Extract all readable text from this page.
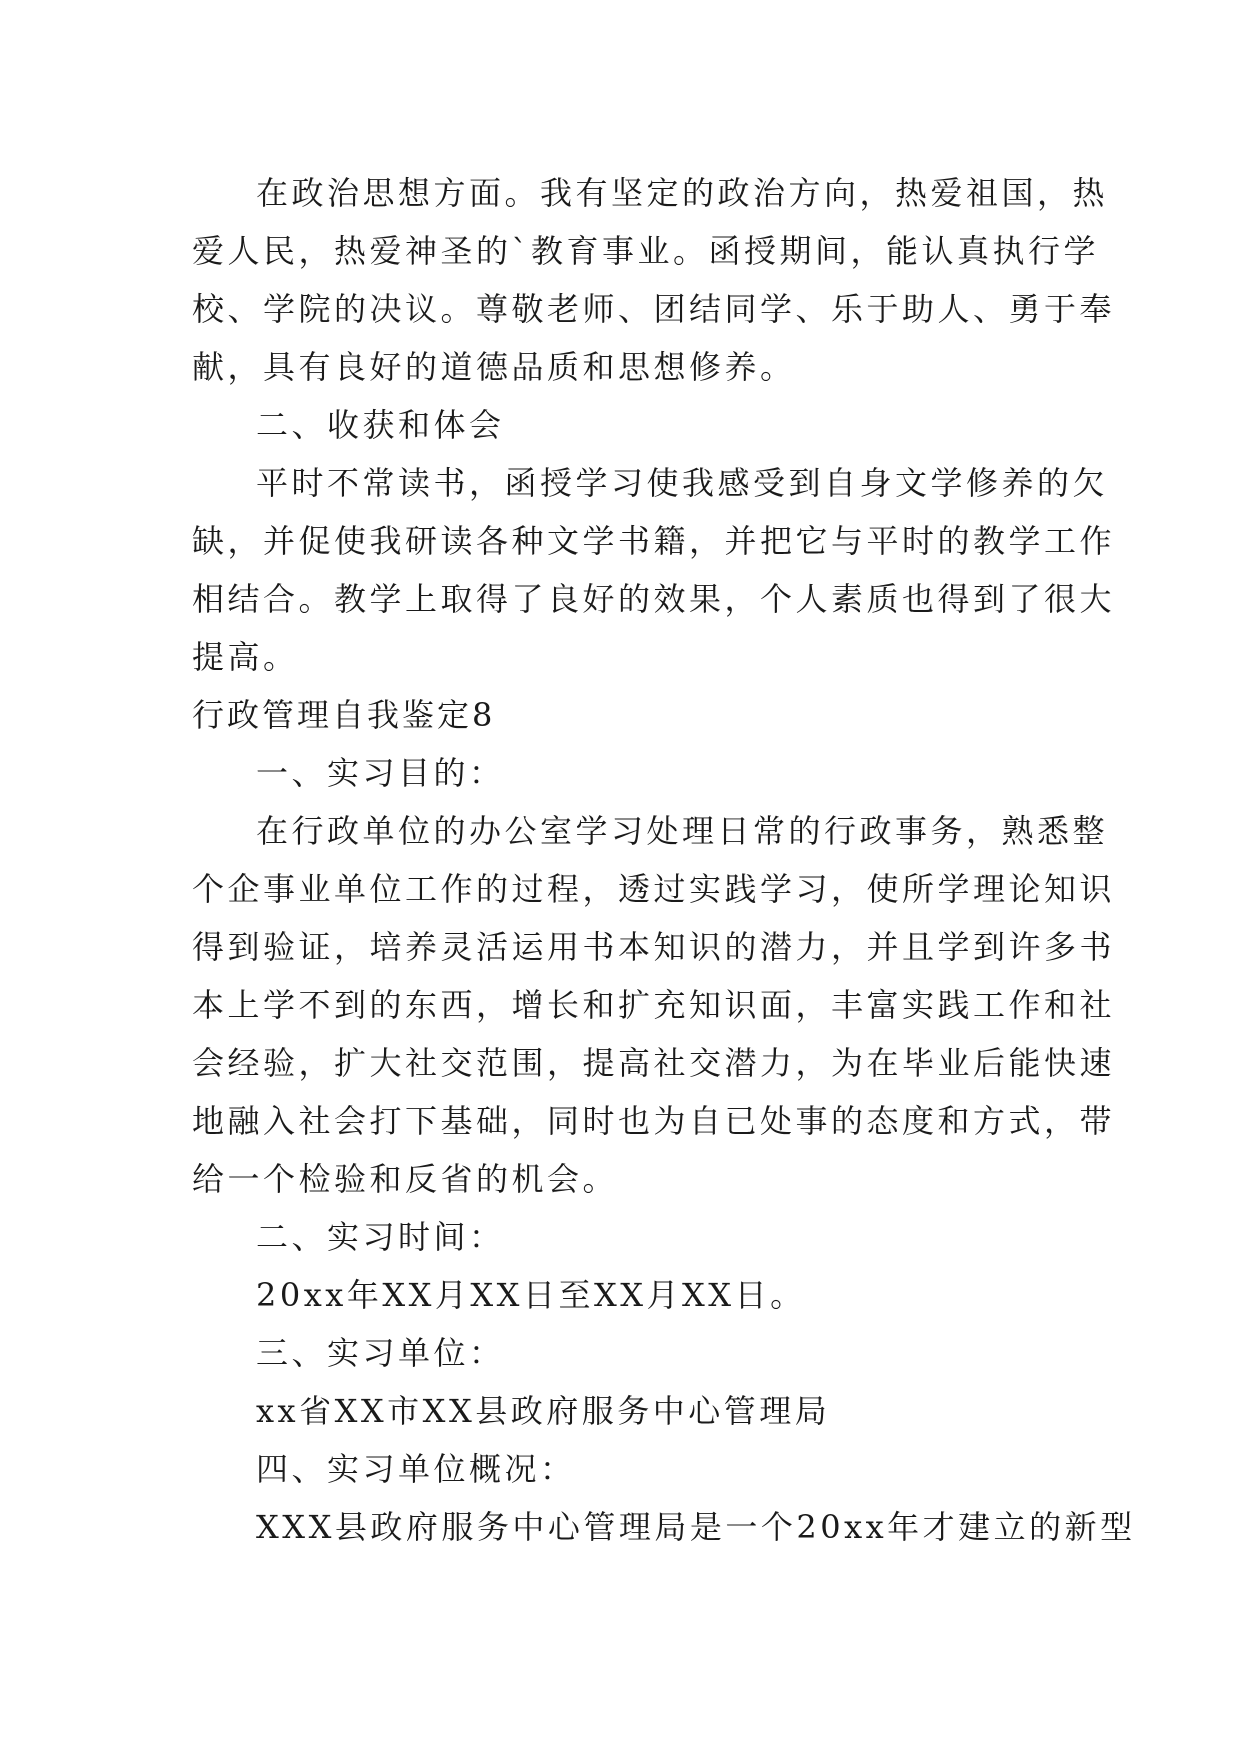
在政治思想方面。我有坚定的政治方向，热爱祖国，热
爱人民，热爱神圣的`教育事业。函授期间，能认真执行学
校、学院的决议。尊敬老师、团结同学、乐于助人、勇于奉
献，具有良好的道德品质和思想修养。
二、收获和体会
平时不常读书，函授学习使我感受到自身文学修养的欠
缺，并促使我研读各种文学书籍，并把它与平时的教学工作
相结合。教学上取得了良好的效果，个人素质也得到了很大
提高。
行政管理自我鉴定8
一、实习目的：
在行政单位的办公室学习处理日常的行政事务，熟悉整
个企事业单位工作的过程，透过实践学习，使所学理论知识
得到验证，培养灵活运用书本知识的潜力，并且学到许多书
本上学不到的东西，增长和扩充知识面，丰富实践工作和社
会经验，扩大社交范围，提高社交潜力，为在毕业后能快速
地融入社会打下基础，同时也为自已处事的态度和方式，带
给一个检验和反省的机会。
二、实习时间：
20xx年XX月XX日至XX月XX日。
三、实习单位：
xx省XX市XX县政府服务中心管理局
四、实习单位概况：
XXX县政府服务中心管理局是一个20xx年才建立的新型
